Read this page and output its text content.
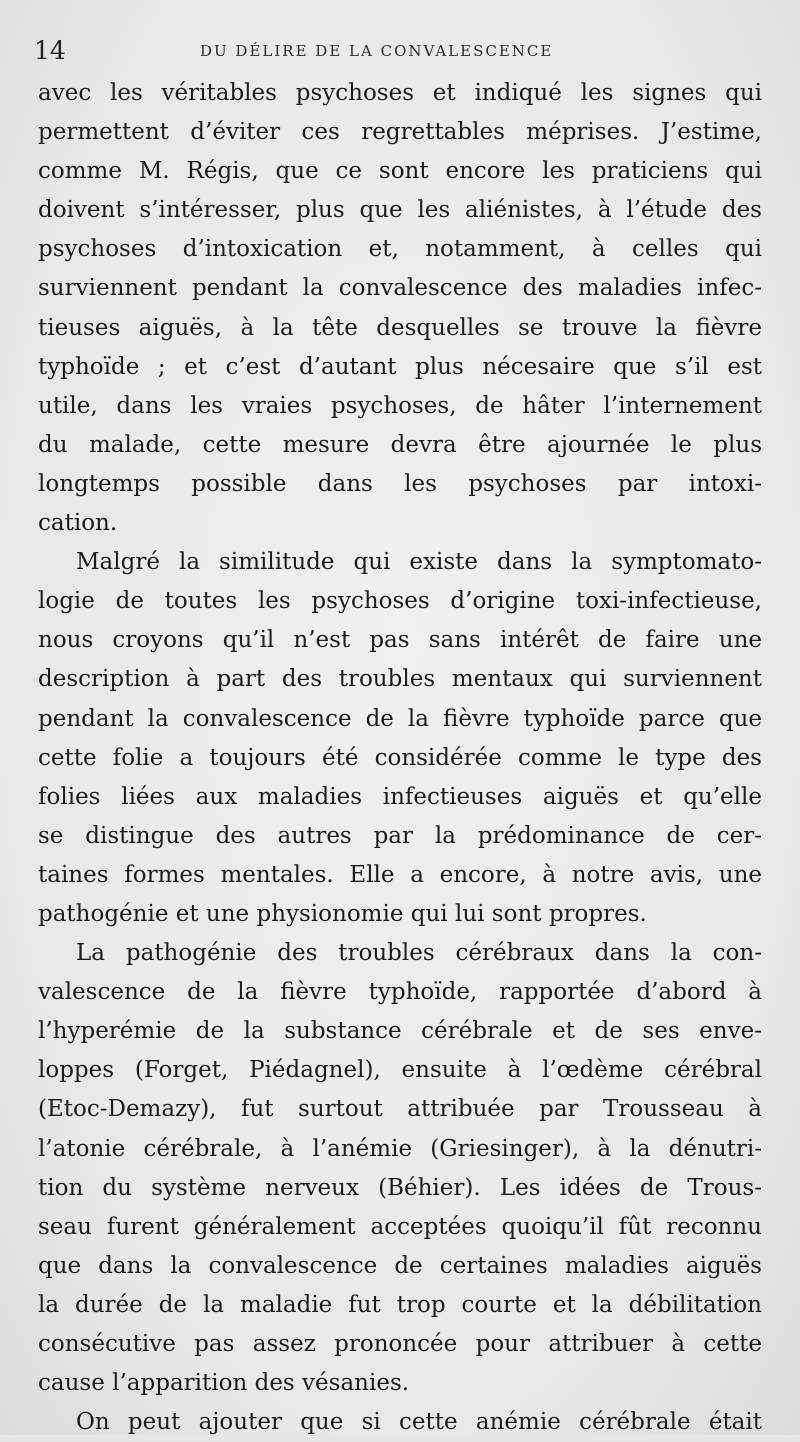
14	DU DÉLIRE DE LA CONVALESCENCE
avec les véritables psychoses et indiqué les signes qui
permettent d’éviter ces regrettables méprises. J’estime,
comme M. Régis, que ce sont encore les praticiens qui
doivent s’intéresser, plus que les aliénistes, à l’étude des
psychoses d’intoxication et, notamment, à celles qui
surviennent pendant la convalescence des maladies infec-
tieuses aiguës, à la tête desquelles se trouve la fièvre
typhoïde ; et c’est d’autant plus nécesaire que s’il est
utile, dans les vraies psychoses, de hâter l’internement
du malade, cette mesure devra être ajournée le plus
longtemps possible dans les psychoses par intoxi-
cation.
Malgré la similitude qui existe dans la symptomato-
logie de toutes les psychoses d’origine toxi-infectieuse,
nous croyons qu’il n’est pas sans intérêt de faire une
description à part des troubles mentaux qui surviennent
pendant la convalescence de la fièvre typhoïde parce que
cette folie a toujours été considérée comme le type des
folies liées aux maladies infectieuses aiguës et qu’elle
se distingue des autres par la prédominance de cer-
taines formes mentales. Elle a encore, à notre avis, une
pathogénie et une physionomie qui lui sont propres.
La pathogénie des troubles cérébraux dans la con-
valescence de la fièvre typhoïde, rapportée d’abord à
l’hyperémie de la substance cérébrale et de ses enve-
loppes (Forget, Piédagnel), ensuite à l’œdème cérébral
(Etoc-Demazy), fut surtout attribuée par Trousseau à
l’atonie cérébrale, à l’anémie (Griesinger), à la dénutri-
tion du système nerveux (Béhier). Les idées de Trous-
seau furent généralement acceptées quoiqu’il fût reconnu
que dans la convalescence de certaines maladies aiguës
la durée de la maladie fut trop courte et la débilitation
consécutive pas assez prononcée pour attribuer à cette
cause l’apparition des vésanies.
On peut ajouter que si cette anémie cérébrale était
